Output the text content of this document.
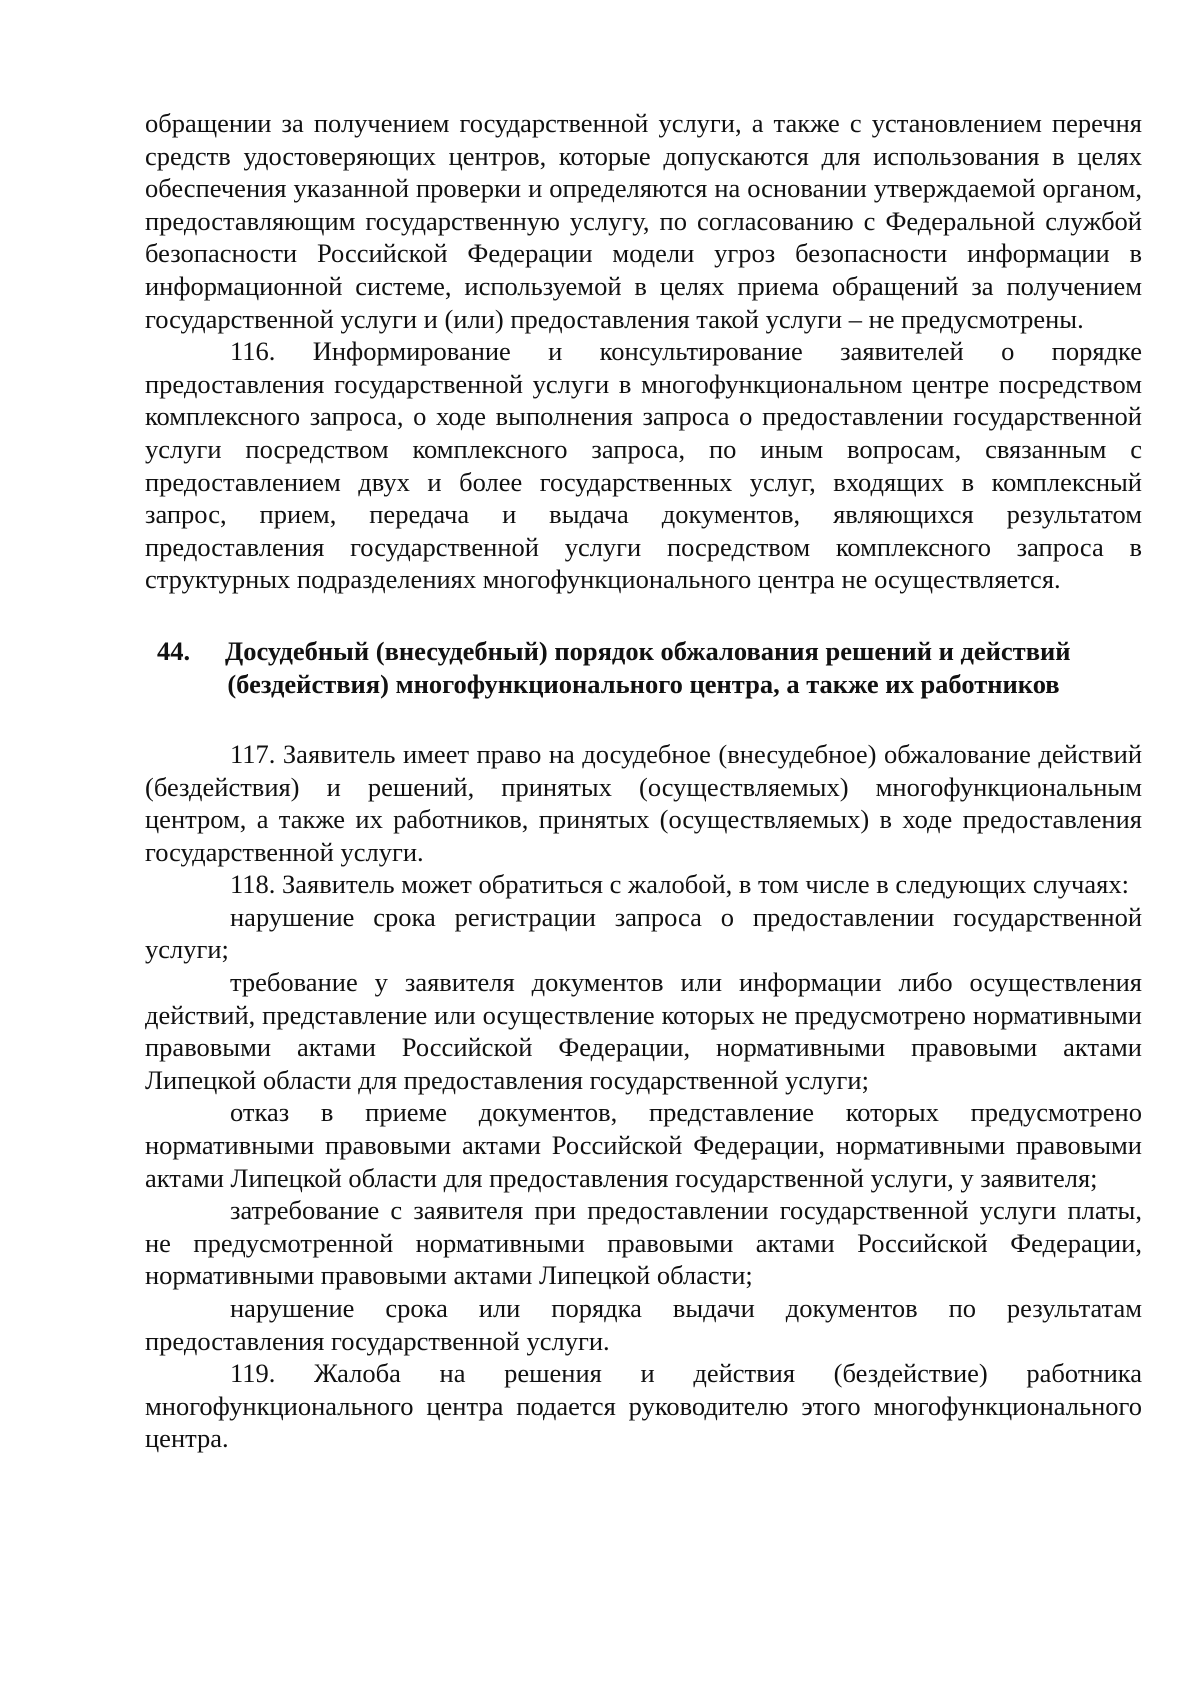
обращении за получением государственной услуги, а также с установлением перечня средств удостоверяющих центров, которые допускаются для использования в целях обеспечения указанной проверки и определяются на основании утверждаемой органом, предоставляющим государственную услугу, по согласованию с Федеральной службой безопасности Российской Федерации модели угроз безопасности информации в информационной системе, используемой в целях приема обращений за получением государственной услуги и (или) предоставления такой услуги – не предусмотрены.

116. Информирование и консультирование заявителей о порядке предоставления государственной услуги в многофункциональном центре посредством комплексного запроса, о ходе выполнения запроса о предоставлении государственной услуги посредством комплексного запроса, по иным вопросам, связанным с предоставлением двух и более государственных услуг, входящих в комплексный запрос, прием, передача и выдача документов, являющихся результатом предоставления государственной услуги посредством комплексного запроса в структурных подразделениях многофункционального центра не осуществляется.

44. Досудебный (внесудебный) порядок обжалования решений и действий
(бездействия) многофункционального центра, а также их работников

117. Заявитель имеет право на досудебное (внесудебное) обжалование действий (бездействия) и решений, принятых (осуществляемых) многофункциональным центром, а также их работников, принятых (осуществляемых) в ходе предоставления государственной услуги.

118. Заявитель может обратиться с жалобой, в том числе в следующих случаях:

нарушение срока регистрации запроса о предоставлении государственной услуги;

требование у заявителя документов или информации либо осуществления действий, представление или осуществление которых не предусмотрено нормативными правовыми актами Российской Федерации, нормативными правовыми актами Липецкой области для предоставления государственной услуги;

отказ в приеме документов, представление которых предусмотрено нормативными правовыми актами Российской Федерации, нормативными правовыми актами Липецкой области для предоставления государственной услуги, у заявителя;

затребование с заявителя при предоставлении государственной услуги платы, не предусмотренной нормативными правовыми актами Российской Федерации, нормативными правовыми актами Липецкой области;

нарушение срока или порядка выдачи документов по результатам предоставления государственной услуги.

119. Жалоба на решения и действия (бездействие) работника многофункционального центра подается руководителю этого многофункционального центра.
